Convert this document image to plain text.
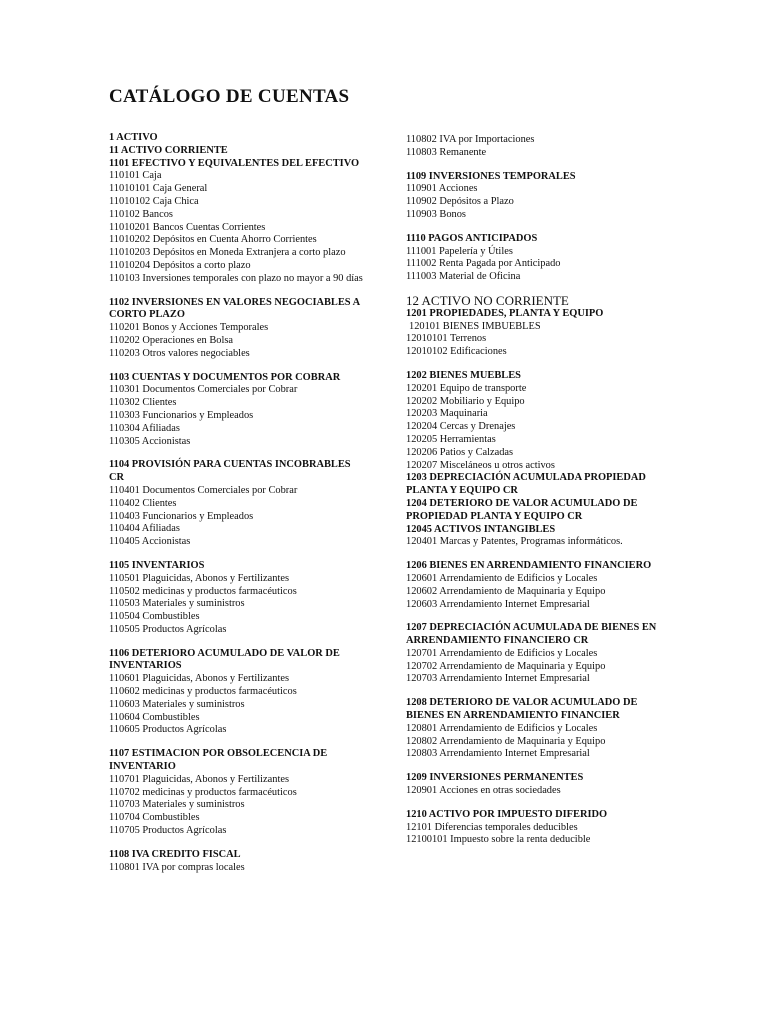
CATÁLOGO DE CUENTAS
1 ACTIVO
11 ACTIVO CORRIENTE
1101 EFECTIVO Y EQUIVALENTES DEL EFECTIVO
110101 Caja
11010101 Caja General
11010102 Caja Chica
110102 Bancos
11010201 Bancos Cuentas Corrientes
11010202 Depósitos en Cuenta Ahorro Corrientes
11010203 Depósitos en Moneda Extranjera a corto plazo
11010204 Depósitos a corto plazo
110103 Inversiones temporales con plazo no mayor a 90 días
1102 INVERSIONES EN VALORES NEGOCIABLES A CORTO PLAZO
110201 Bonos y Acciones Temporales
110202 Operaciones en Bolsa
110203 Otros valores negociables
1103 CUENTAS Y DOCUMENTOS POR COBRAR
110301 Documentos Comerciales por Cobrar
110302 Clientes
110303 Funcionarios y Empleados
110304 Afiliadas
110305 Accionistas
1104 PROVISIÓN PARA CUENTAS INCOBRABLES CR
110401 Documentos Comerciales por Cobrar
110402 Clientes
110403 Funcionarios y Empleados
110404 Afiliadas
110405 Accionistas
1105 INVENTARIOS
110501 Plaguicidas, Abonos y Fertilizantes
110502 medicinas y productos farmacéuticos
110503 Materiales y suministros
110504 Combustibles
110505 Productos Agrícolas
1106 DETERIORO ACUMULADO DE VALOR DE INVENTARIOS
110601 Plaguicidas, Abonos y Fertilizantes
110602 medicinas y productos farmacéuticos
110603 Materiales y suministros
110604 Combustibles
110605 Productos Agrícolas
1107 ESTIMACION POR OBSOLECENCIA DE INVENTARIO
110701 Plaguicidas, Abonos y Fertilizantes
110702 medicinas y productos farmacéuticos
110703 Materiales y suministros
110704 Combustibles
110705 Productos Agrícolas
1108 IVA CREDITO FISCAL
110801 IVA por compras locales
110802 IVA por Importaciones
110803 Remanente
1109 INVERSIONES TEMPORALES
110901 Acciones
110902 Depósitos a Plazo
110903 Bonos
1110 PAGOS ANTICIPADOS
111001 Papelería y Útiles
111002 Renta Pagada por Anticipado
111003 Material de Oficina
12 ACTIVO NO CORRIENTE
1201 PROPIEDADES, PLANTA Y EQUIPO
120101 BIENES IMBUEBLES
12010101 Terrenos
12010102 Edificaciones
1202 BIENES MUEBLES
120201 Equipo de transporte
120202 Mobiliario y Equipo
120203 Maquinaria
120204 Cercas y Drenajes
120205 Herramientas
120206 Patios y Calzadas
120207 Misceláneos u otros activos
1203 DEPRECIACIÓN ACUMULADA PROPIEDAD PLANTA Y EQUIPO CR
1204 DETERIORO DE VALOR ACUMULADO DE PROPIEDAD PLANTA Y EQUIPO CR
12045 ACTIVOS INTANGIBLES
120401 Marcas y Patentes, Programas informáticos.
1206 BIENES EN ARRENDAMIENTO FINANCIERO
120601 Arrendamiento de Edificios y Locales
120602 Arrendamiento de Maquinaria y Equipo
120603 Arrendamiento Internet Empresarial
1207 DEPRECIACIÓN ACUMULADA DE BIENES EN ARRENDAMIENTO FINANCIERO CR
120701 Arrendamiento de Edificios y Locales
120702 Arrendamiento de Maquinaria y Equipo
120703 Arrendamiento Internet Empresarial
1208 DETERIORO DE VALOR ACUMULADO DE BIENES EN ARRENDAMIENTO FINANCIER
120801 Arrendamiento de Edificios y Locales
120802 Arrendamiento de Maquinaria y Equipo
120803 Arrendamiento Internet Empresarial
1209 INVERSIONES PERMANENTES
120901 Acciones en otras sociedades
1210 ACTIVO POR IMPUESTO DIFERIDO
12101 Diferencias temporales deducibles
12100101 Impuesto sobre la renta deducible
